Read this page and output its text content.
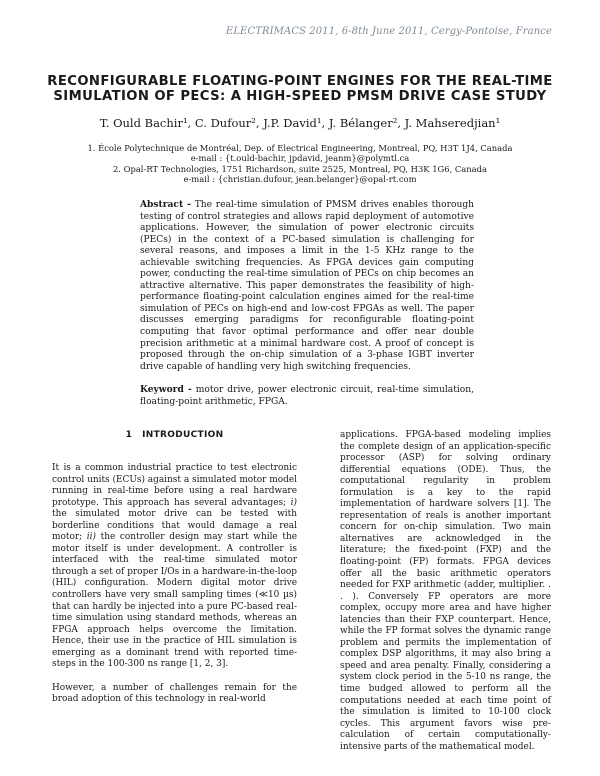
ELECTRIMACS 2011, 6-8th June 2011, Cergy-Pontoise, France
RECONFIGURABLE FLOATING-POINT ENGINES FOR THE REAL-TIME
SIMULATION OF PECS: A HIGH-SPEED PMSM DRIVE CASE STUDY
T. Ould Bachir¹, C. Dufour², J.P. David¹, J. Bélanger², J. Mahseredjian¹
1. École Polytechnique de Montréal, Dep. of Electrical Engineering, Montreal, PQ, H3T 1J4, Canada
e-mail : {t.ould-bachir, jpdavid, jeanm}@polymtl.ca
2. Opal-RT Technologies, 1751 Richardson, suite 2525, Montreal, PQ, H3K 1G6, Canada
e-mail : {christian.dufour, jean.belanger}@opal-rt.com
Abstract - The real-time simulation of PMSM drives enables thorough testing of control strategies and allows rapid deployment of automotive applications. However, the simulation of power electronic circuits (PECs) in the context of a PC-based simulation is challenging for several reasons, and imposes a limit in the 1-5 KHz range to the achievable switching frequencies. As FPGA devices gain computing power, conducting the real-time simulation of PECs on chip becomes an attractive alternative. This paper demonstrates the feasibility of high-performance floating-point calculation engines aimed for the real-time simulation of PECs on high-end and low-cost FPGAs as well. The paper discusses emerging paradigms for reconfigurable floating-point computing that favor optimal performance and offer near double precision arithmetic at a minimal hardware cost. A proof of concept is proposed through the on-chip simulation of a 3-phase IGBT inverter drive capable of handling very high switching frequencies.
Keyword - motor drive, power electronic circuit, real-time simulation, floating-point arithmetic, FPGA.
1 INTRODUCTION

It is a common industrial practice to test electronic control units (ECUs) against a simulated motor model running in real-time before using a real hardware prototype. This approach has several advantages; i) the simulated motor drive can be tested with borderline conditions that would damage a real motor; ii) the controller design may start while the motor itself is under development. A controller is interfaced with the real-time simulated motor through a set of proper I/Os in a hardware-in-the-loop (HIL) configuration. Modern digital motor drive controllers have very small sampling times (≪10 µs) that can hardly be injected into a pure PC-based real-time simulation using standard methods, whereas an FPGA approach helps overcome the limitation. Hence, their use in the practice of HIL simulation is emerging as a dominant trend with reported time-steps in the 100-300 ns range [1, 2, 3].

However, a number of challenges remain for the broad adoption of this technology in real-world

applications. FPGA-based modeling implies the complete design of an application-specific processor (ASP) for solving ordinary differential equations (ODE). Thus, the computational regularity in problem formulation is a key to the rapid implementation of hardware solvers [1]. The representation of reals is another important concern for on-chip simulation. Two main alternatives are acknowledged in the literature; the fixed-point (FXP) and the floating-point (FP) formats. FPGA devices offer all the basic arithmetic operators needed for FXP arithmetic (adder, multiplier. . . ). Conversely FP operators are more complex, occupy more area and have higher latencies than their FXP counterpart. Hence, while the FP format solves the dynamic range problem and permits the implementation of complex DSP algorithms, it may also bring a speed and area penalty. Finally, considering a system clock period in the 5-10 ns range, the time budged allowed to perform all the computations needed at each time point of the simulation is limited to 10-100 clock cycles. This argument favors wise pre-calculation of certain computationally-intensive parts of the mathematical model.
